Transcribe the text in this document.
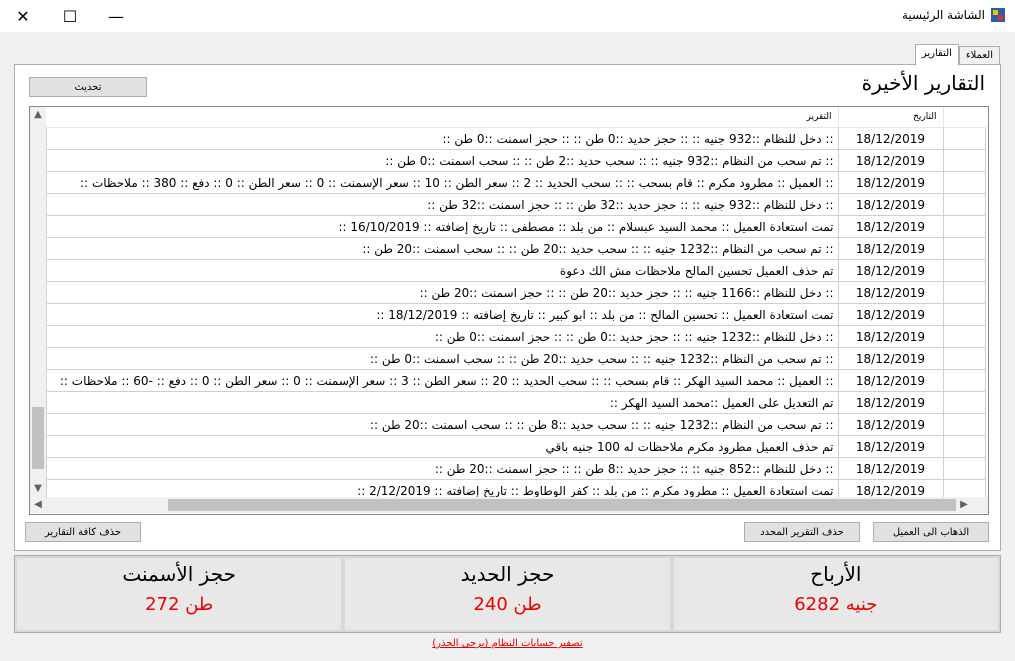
✕ ☐ —	الشاشة الرئيسية
العملاء
التقارير
تحديث	التقارير الأخيرة
▲
▼
التقرير	التاريخ	
:: دخل للنظام ::932 جنيه :: :: حجز حديد ::0 طن :: :: حجز اسمنت ::0 طن ::	18/12/2019	
:: تم سحب من النظام ::932 جنيه :: :: سحب حديد ::2 طن :: :: سحب اسمنت ::0 طن ::	18/12/2019	
:: العميل :: مطرود مكرم :: قام بسحب :: :: سحب الحديد :: 2 :: سعر الطن :: 10 :: سعر الإسمنت :: 0 :: سعر الطن :: 0 :: دفع :: 380 :: ملاحظات ::	18/12/2019	
:: دخل للنظام ::932 جنيه :: :: حجز حديد ::32 طن :: :: حجز اسمنت ::32 طن ::	18/12/2019	
:: تمت استعادة العميل :: محمد السيد عبسلام :: من بلد :: مصطفى :: تاريخ إضافته :: 16/10/2019	18/12/2019	
:: تم سحب من النظام ::1232 جنيه :: :: سحب حديد ::20 طن :: :: سحب اسمنت ::20 طن ::	18/12/2019	
تم حذف العميل تحسين المالح ملاحظات مش الك دعوة	18/12/2019	
:: دخل للنظام ::1166 جنيه :: :: حجز حديد ::20 طن :: :: حجز اسمنت ::20 طن ::	18/12/2019	
:: تمت استعادة العميل :: تحسين المالح :: من بلد :: ابو كبير :: تاريخ إضافته :: 18/12/2019	18/12/2019	
:: دخل للنظام ::1232 جنيه :: :: حجز حديد ::0 طن :: :: حجز اسمنت ::0 طن ::	18/12/2019	
:: تم سحب من النظام ::1232 جنيه :: :: سحب حديد ::20 طن :: :: سحب اسمنت ::0 طن ::	18/12/2019	
:: العميل :: محمد السيد الهكر :: قام بسحب :: :: سحب الحديد :: 20 :: سعر الطن :: 3 :: سعر الإسمنت :: 0 :: سعر الطن :: 0 :: دفع :: -60 :: ملاحظات ::	18/12/2019	
:: تم التعديل على العميل ::محمد السيد الهكر	18/12/2019	
:: تم سحب من النظام ::1232 جنيه :: :: سحب حديد ::8 طن :: :: سحب اسمنت ::20 طن ::	18/12/2019	
تم حذف العميل مطرود مكرم ملاحظات له 100 جنيه باقي	18/12/2019	
:: دخل للنظام ::852 جنيه :: :: حجز حديد ::8 طن :: :: حجز اسمنت ::20 طن ::	18/12/2019	
:: تمت استعادة العميل :: مطرود مكرم :: من بلد :: كفر الوطاوط :: تاريخ إضافته :: 2/12/2019	18/12/2019	
◀	▶
حذف كافة التقارير	حذف التقرير المحدد	الذهاب الى العميل
حجز الأسمنت
272 طن
حجز الحديد
240 طن
الأرباح
6282 جنيه
تصفير حسابات النظام (برجى الحذر)
